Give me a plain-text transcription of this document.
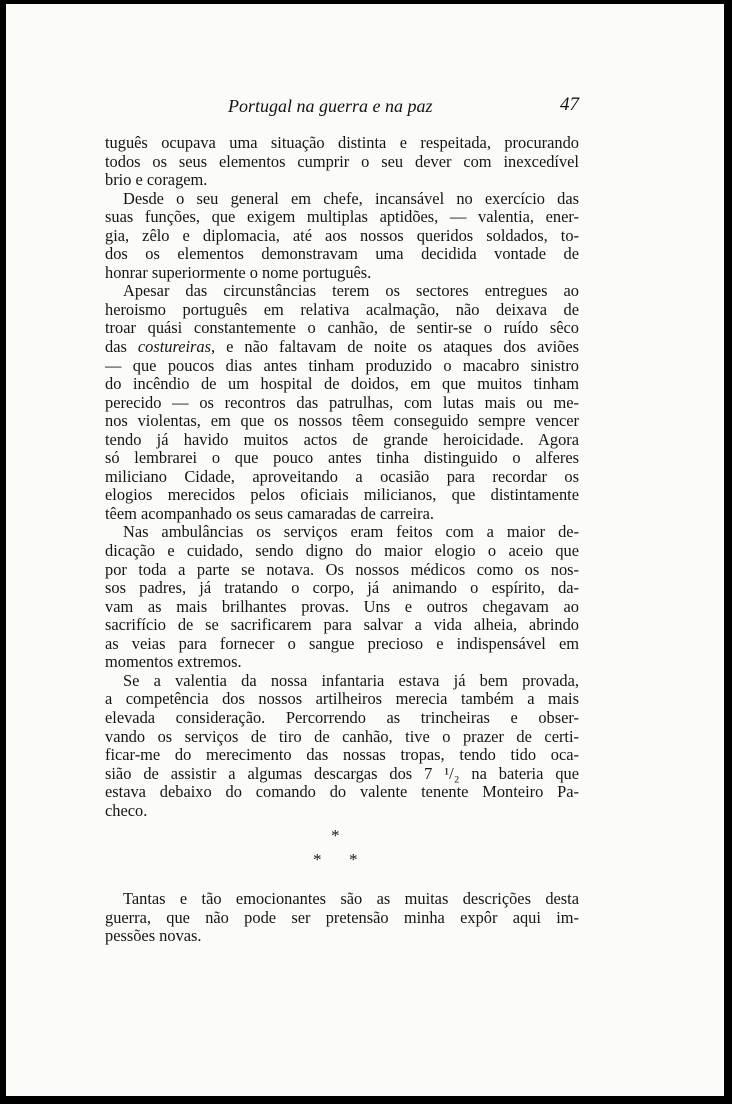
Portugal na guerra e na paz	47
tuguês ocupava uma situação distinta e respeitada, procurando
todos os seus elementos cumprir o seu dever com inexcedível
brio e coragem.
Desde o seu general em chefe, incansável no exercício das
suas funções, que exigem multiplas aptidões, — valentia, ener-
gia, zêlo e diplomacia, até aos nossos queridos soldados, to-
dos os elementos demonstravam uma decidida vontade de
honrar superiormente o nome português.
Apesar das circunstâncias terem os sectores entregues ao
heroismo português em relativa acalmação, não deixava de
troar quási constantemente o canhão, de sentir-se o ruído sêco
das costureiras, e não faltavam de noite os ataques dos aviões
— que poucos dias antes tinham produzido o macabro sinistro
do incêndio de um hospital de doidos, em que muitos tinham
perecido — os recontros das patrulhas, com lutas mais ou me-
nos violentas, em que os nossos têem conseguido sempre vencer
tendo já havido muitos actos de grande heroicidade. Agora
só lembrarei o que pouco antes tinha distinguido o alferes
miliciano Cidade, aproveitando a ocasião para recordar os
elogios merecidos pelos oficiais milicianos, que distintamente
têem acompanhado os seus camaradas de carreira.
Nas ambulâncias os serviços eram feitos com a maior de-
dicação e cuidado, sendo digno do maior elogio o aceio que
por toda a parte se notava. Os nossos médicos como os nos-
sos padres, já tratando o corpo, já animando o espírito, da-
vam as mais brilhantes provas. Uns e outros chegavam ao
sacrifício de se sacrificarem para salvar a vida alheia, abrindo
as veias para fornecer o sangue precioso e indispensável em
momentos extremos.
Se a valentia da nossa infantaria estava já bem provada,
a competência dos nossos artilheiros merecia também a mais
elevada consideração. Percorrendo as trincheiras e obser-
vando os serviços de tiro de canhão, tive o prazer de certi-
ficar-me do merecimento das nossas tropas, tendo tido oca-
sião de assistir a algumas descargas dos 7 ¹/₂ na bateria que
estava debaixo do comando do valente tenente Monteiro Pa-
checo.
*
* *
Tantas e tão emocionantes são as muitas descrições desta
guerra, que não pode ser pretensão minha expôr aqui im-
pessões novas.
